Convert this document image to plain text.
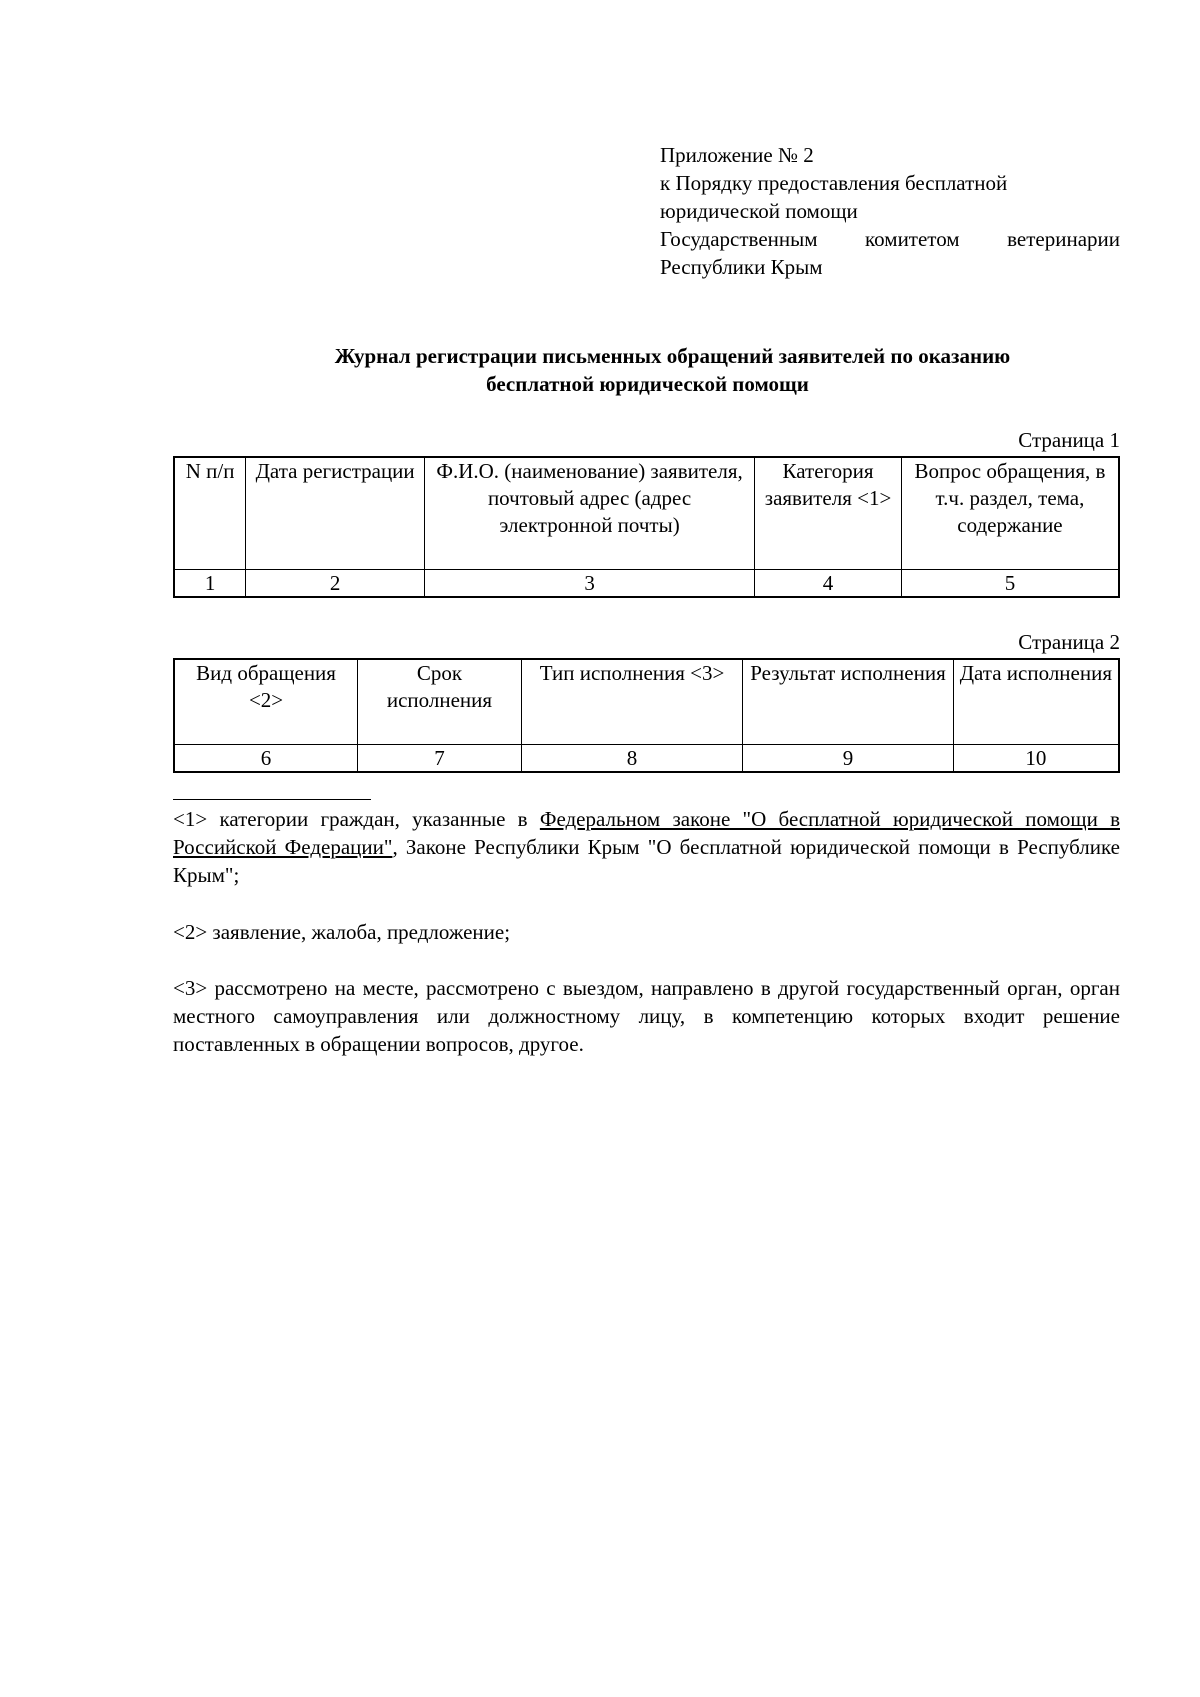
Приложение № 2
к Порядку предоставления бесплатной
юридической помощи
Государственным комитетом ветеринарии
Республики Крым
Журнал регистрации письменных обращений заявителей по оказанию
бесплатной юридической помощи
Страница 1
N п/п	Дата регистрации	Ф.И.О. (наименование) заявителя, почтовый адрес (адрес электронной почты)	Категория заявителя <1>	Вопрос обращения, в т.ч. раздел, тема, содержание
1	2	3	4	5
Страница 2
Вид обращения <2>	Срок исполнения	Тип исполнения <3>	Результат исполнения	Дата исполнения
6	7	8	9	10
<1> категории граждан, указанные в Федеральном законе "О бесплатной юридической помощи в Российской Федерации", Законе Республики Крым "О бесплатной юридической помощи в Республике Крым";
<2> заявление, жалоба, предложение;
<3> рассмотрено на месте, рассмотрено с выездом, направлено в другой государственный орган, орган местного самоуправления или должностному лицу, в компетенцию которых входит решение поставленных в обращении вопросов, другое.
